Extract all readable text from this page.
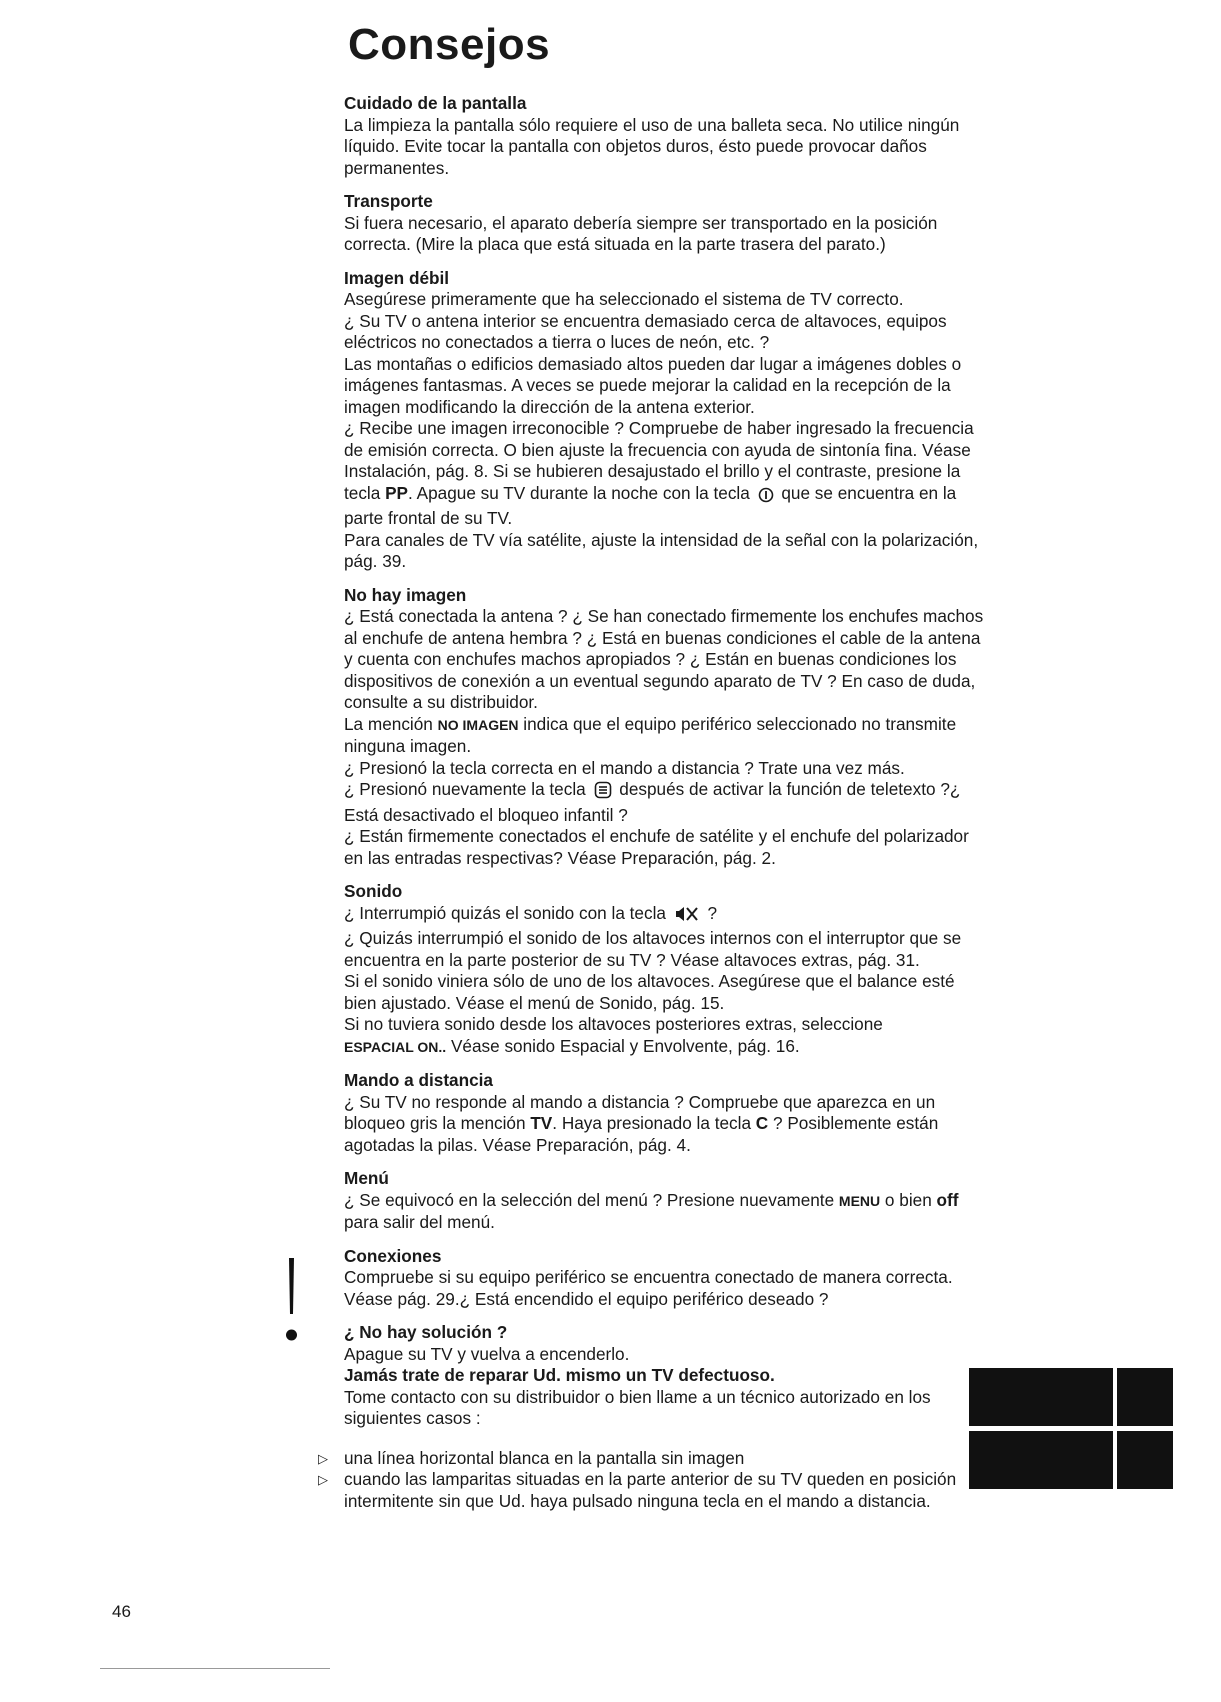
Consejos
Cuidado de la pantalla

La limpieza la pantalla sólo requiere el uso de una balleta seca. No utilice ningún líquido. Evite tocar la pantalla con objetos duros, ésto puede provocar daños permanentes.

Transporte

Si fuera necesario, el aparato debería siempre ser transportado en la posición correcta. (Mire la placa que está situada en la parte trasera del parato.)

Imagen débil

Asegúrese primeramente que ha seleccionado el sistema de TV correcto.

¿ Su TV o antena interior se encuentra demasiado cerca de altavoces, equipos eléctricos no conectados a tierra o luces de neón, etc. ?

Las montañas o edificios demasiado altos pueden dar lugar a imágenes dobles o imágenes fantasmas. A veces se puede mejorar la calidad en la recepción de la imagen modificando la dirección de la antena exterior.

¿ Recibe une imagen irreconocible ? Compruebe de haber ingresado la frecuencia de emisión correcta. O bien ajuste la frecuencia con ayuda de sintonía fina. Véase Instalación, pág. 8. Si se hubieren desajustado el brillo y el contraste, presione la tecla PP. Apague su TV durante la noche con la tecla  que se encuentra en la parte frontal de su TV.

Para canales de TV vía satélite, ajuste la intensidad de la señal con la polarización, pág. 39.

No hay imagen

¿ Está conectada la antena ? ¿ Se han conectado firmemente los enchufes machos al enchufe de antena hembra ? ¿ Está en buenas condiciones el cable de la antena y cuenta con enchufes machos apropiados ? ¿ Están en buenas condiciones los dispositivos de conexión a un eventual segundo aparato de TV ? En caso de duda, consulte a su distribuidor.

La mención NO IMAGEN indica que el equipo periférico seleccionado no transmite ninguna imagen.

¿ Presionó la tecla correcta en el mando a distancia ? Trate una vez más.

¿ Presionó nuevamente la tecla  después de activar la función de teletexto ?¿ Está desactivado el bloqueo infantil ?

¿ Están firmemente conectados el enchufe de satélite y el enchufe del polarizador en las entradas respectivas? Véase Preparación, pág. 2.

Sonido

¿ Interrumpió quizás el sonido con la tecla  ?

¿ Quizás interrumpió el sonido de los altavoces internos con el interruptor que se encuentra en la parte posterior de su TV ? Véase altavoces extras, pág. 31.

Si el sonido viniera sólo de uno de los altavoces. Asegúrese que el balance esté bien ajustado. Véase el menú de Sonido, pág. 15.

Si no tuviera sonido desde los altavoces posteriores extras, seleccione

ESPACIAL ON.. Véase sonido Espacial y Envolvente, pág. 16.

Mando a distancia

¿ Su TV no responde al mando a distancia ? Compruebe que aparezca en un bloqueo gris la mención TV. Haya presionado la tecla C ? Posiblemente están agotadas la pilas. Véase Preparación, pág. 4.

Menú

¿ Se equivocó en la selección del menú ? Presione nuevamente MENU o bien off para salir del menú.

Conexiones

Compruebe si su equipo periférico se encuentra conectado de manera correcta. Véase pág. 29.¿ Está encendido el equipo periférico deseado ?

¿ No hay solución ?

Apague su TV y vuelva a encenderlo.

Jamás trate de reparar Ud. mismo un TV defectuoso.

Tome contacto con su distribuidor o bien llame a un técnico autorizado en los siguientes casos :

▷ una línea horizontal blanca en la pantalla sin imagen
▷ cuando las lamparitas situadas en la parte anterior de su TV queden en posición intermitente sin que Ud. haya pulsado ninguna tecla en el mando a distancia.
46
